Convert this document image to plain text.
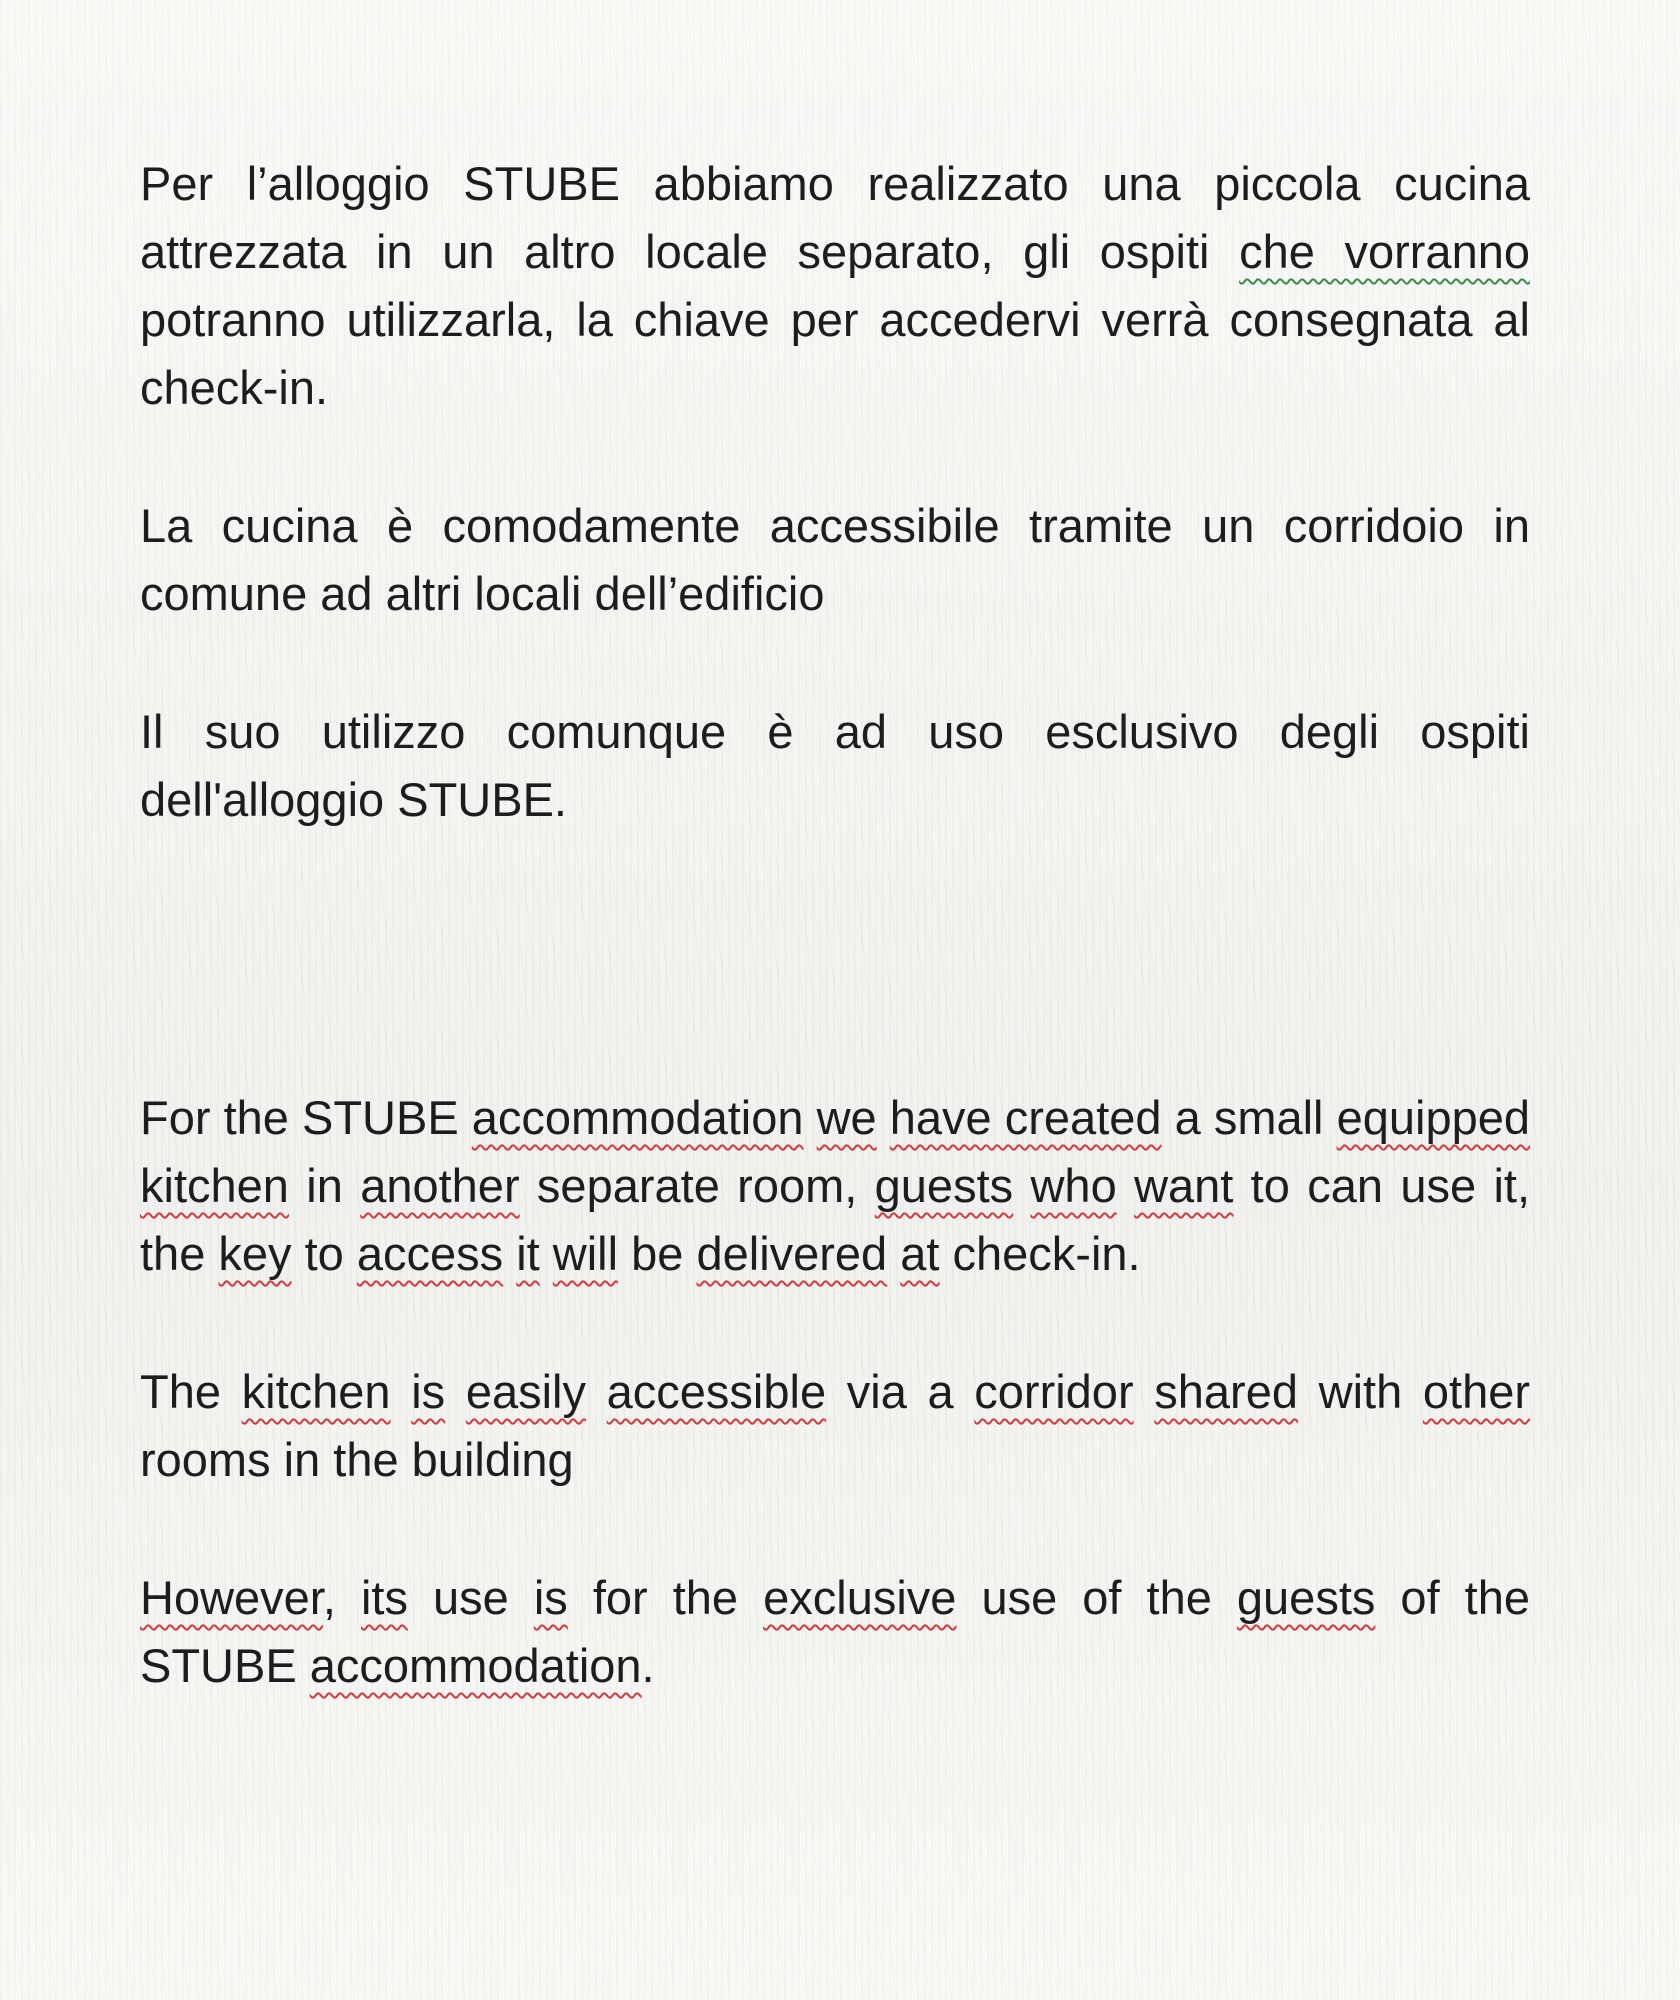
Per l’alloggio STUBE abbiamo realizzato una piccola cucina attrezzata in un altro locale separato, gli ospiti che vorranno potranno utilizzarla, la chiave per accedervi verrà consegnata al check-in.

La cucina è comodamente accessibile tramite un corridoio in comune ad altri locali dell’edificio

Il suo utilizzo comunque è ad uso esclusivo degli ospiti dell'alloggio STUBE.

For the STUBE accommodation we have created a small equipped kitchen in another separate room, guests who want to can use it, the key to access it will be delivered at check-in.

The kitchen is easily accessible via a corridor shared with other rooms in the building

However, its use is for the exclusive use of the guests of the STUBE accommodation.
